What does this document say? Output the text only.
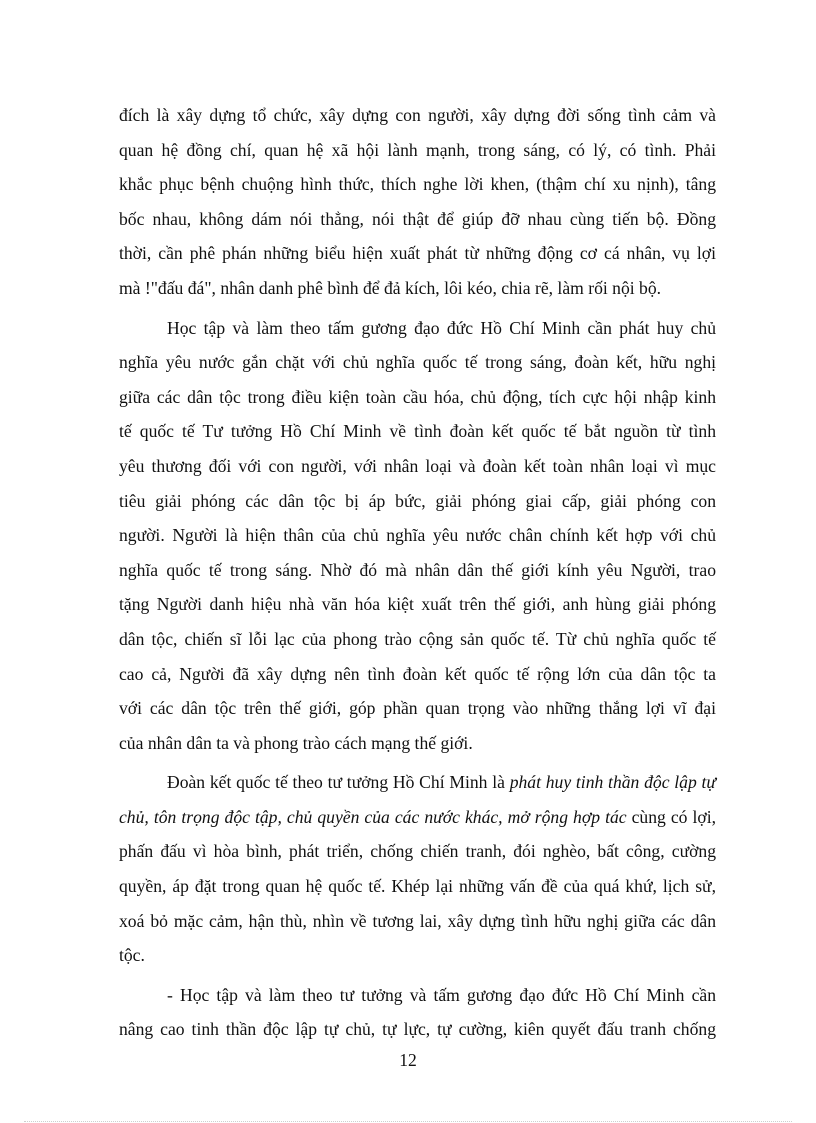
đích là xây dựng tổ chức, xây dựng con người, xây dựng đời sống tình cảm và
quan hệ đồng chí, quan hệ xã hội lành mạnh, trong sáng, có lý, có tình. Phải
khắc phục bệnh chuộng hình thức, thích nghe lời khen, (thậm chí xu nịnh), tâng
bốc nhau, không dám nói thẳng, nói thật để giúp đỡ nhau cùng tiến bộ. Đồng
thời, cần phê phán những biểu hiện xuất phát từ những động cơ cá nhân, vụ lợi
mà !"đấu đá", nhân danh phê bình để đả kích, lôi kéo, chia rẽ, làm rối nội bộ.

Học tập và làm theo tấm gương đạo đức Hồ Chí Minh cần phát huy chủ
nghĩa yêu nước gắn chặt với chủ nghĩa quốc tế trong sáng, đoàn kết, hữu nghị
giữa các dân tộc trong điều kiện toàn cầu hóa, chủ động, tích cực hội nhập kinh
tế quốc tế Tư tưởng Hồ Chí Minh về tình đoàn kết quốc tế bắt nguồn từ tình
yêu thương đối với con người, với nhân loại và đoàn kết toàn nhân loại vì mục
tiêu giải phóng các dân tộc bị áp bức, giải phóng giai cấp, giải phóng con
người. Người là hiện thân của chủ nghĩa yêu nước chân chính kết hợp với chủ
nghĩa quốc tế trong sáng. Nhờ đó mà nhân dân thế giới kính yêu Người, trao
tặng Người danh hiệu nhà văn hóa kiệt xuất trên thế giới, anh hùng giải phóng
dân tộc, chiến sĩ lỗi lạc của phong trào cộng sản quốc tế. Từ chủ nghĩa quốc tế
cao cả, Người đã xây dựng nên tình đoàn kết quốc tế rộng lớn của dân tộc ta
với các dân tộc trên thế giới, góp phần quan trọng vào những thắng lợi vĩ đại
của nhân dân ta và phong trào cách mạng thế giới.

Đoàn kết quốc tế theo tư tưởng Hồ Chí Minh là phát huy tinh thần độc lập tự chủ, tôn trọng độc tập, chủ quyền của các nước khác, mở rộng hợp tác cùng có lợi, phấn đấu vì hòa bình, phát triển, chống chiến tranh, đói nghèo, bất công, cường quyền, áp đặt trong quan hệ quốc tế. Khép lại những vấn đề của quá khứ, lịch sử, xoá bỏ mặc cảm, hận thù, nhìn về tương lai, xây dựng tình hữu nghị giữa các dân tộc.

- Học tập và làm theo tư tưởng và tấm gương đạo đức Hồ Chí Minh cần
nâng cao tinh thần độc lập tự chủ, tự lực, tự cường, kiên quyết đấu tranh chống

12
